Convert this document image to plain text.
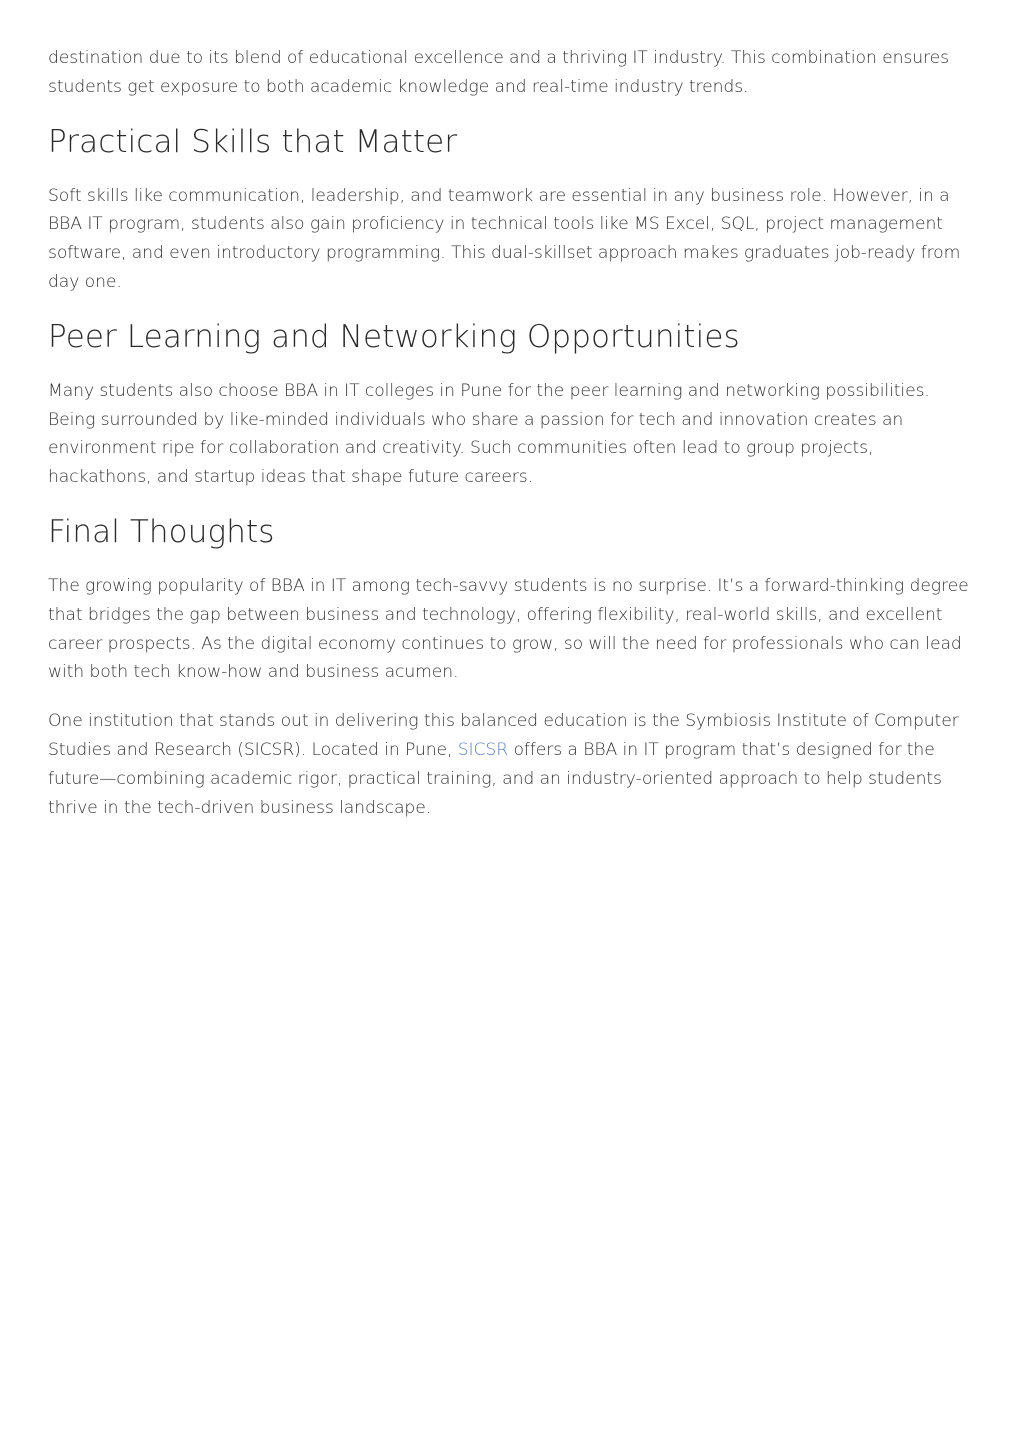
destination due to its blend of educational excellence and a thriving IT industry. This combination ensures students get exposure to both academic knowledge and real-time industry trends.

Practical Skills that Matter

Soft skills like communication, leadership, and teamwork are essential in any business role. However, in a BBA IT program, students also gain proficiency in technical tools like MS Excel, SQL, project management software, and even introductory programming. This dual-skillset approach makes graduates job-ready from day one.

Peer Learning and Networking Opportunities

Many students also choose BBA in IT colleges in Pune for the peer learning and networking possibilities. Being surrounded by like-minded individuals who share a passion for tech and innovation creates an environment ripe for collaboration and creativity. Such communities often lead to group projects, hackathons, and startup ideas that shape future careers.

Final Thoughts

The growing popularity of BBA in IT among tech-savvy students is no surprise. It’s a forward-thinking degree that bridges the gap between business and technology, offering flexibility, real-world skills, and excellent career prospects. As the digital economy continues to grow, so will the need for professionals who can lead with both tech know-how and business acumen.

One institution that stands out in delivering this balanced education is the Symbiosis Institute of Computer Studies and Research (SICSR). Located in Pune, SICSR offers a BBA in IT program that’s designed for the future—combining academic rigor, practical training, and an industry-oriented approach to help students thrive in the tech-driven business landscape.
